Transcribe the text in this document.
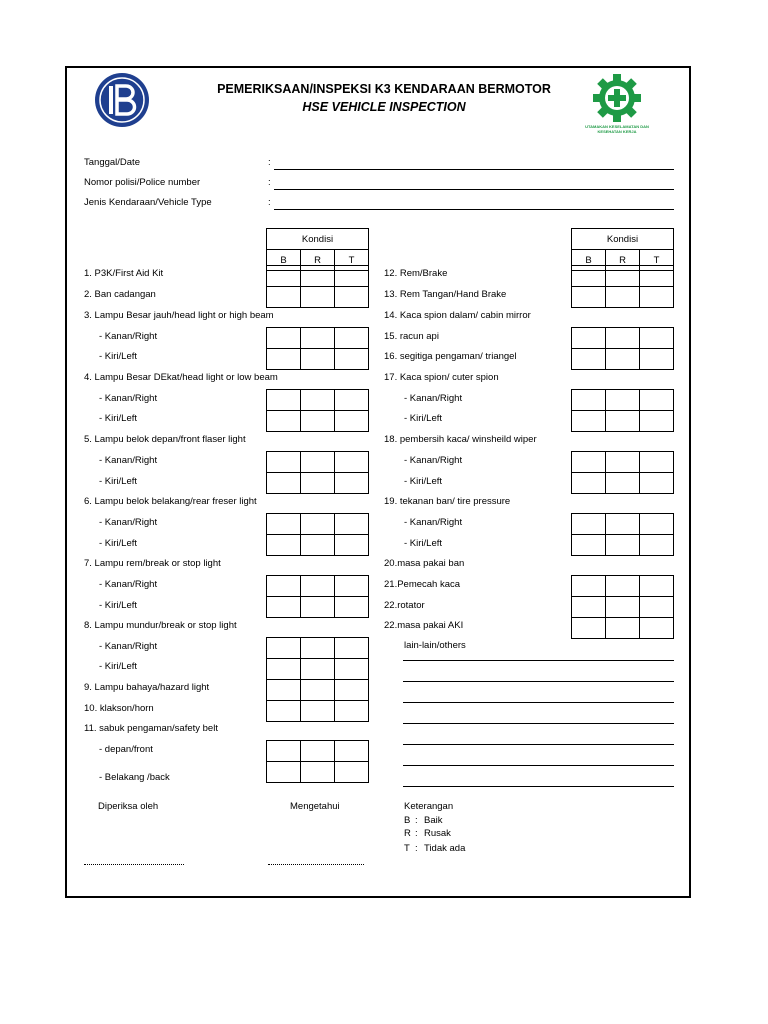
UTAMAKAN KESELAMATAN DAN KESEHATAN KERJA
PEMERIKSAAN/INSPEKSI K3 KENDARAAN BERMOTOR
HSE VEHICLE INSPECTION
Tanggal/Date	:
Nomor polisi/Police number	:
Jenis Kendaraan/Vehicle Type	:
Kondisi
B	R	T
Kondisi
B	R	T
1. P3K/First Aid Kit
2. Ban cadangan
3. Lampu Besar jauh/head light or high beam
- Kanan/Right
- Kiri/Left
4. Lampu Besar DEkat/head light or low beam
- Kanan/Right
- Kiri/Left
5. Lampu belok depan/front flaser light
- Kanan/Right
- Kiri/Left
6. Lampu belok belakang/rear freser light
- Kanan/Right
- Kiri/Left
7. Lampu rem/break or stop light
- Kanan/Right
- Kiri/Left
8. Lampu mundur/break or stop light
- Kanan/Right
- Kiri/Left
9. Lampu bahaya/hazard light
10. klakson/horn
11. sabuk pengaman/safety belt
- depan/front
- Belakang /back
12. Rem/Brake
13. Rem Tangan/Hand Brake
14. Kaca spion dalam/ cabin mirror
15. racun api
16. segitiga pengaman/ triangel
17. Kaca spion/ cuter spion
- Kanan/Right
- Kiri/Left
18. pembersih kaca/ winsheild wiper
- Kanan/Right
- Kiri/Left
19. tekanan ban/ tire pressure
- Kanan/Right
- Kiri/Left
20.masa pakai ban
21.Pemecah kaca
22.rotator
22.masa pakai AKI
lain-lain/others

Diperiksa oleh	Mengetahui	Keterangan
B : Baik
R : Rusak
T : Tidak ada
